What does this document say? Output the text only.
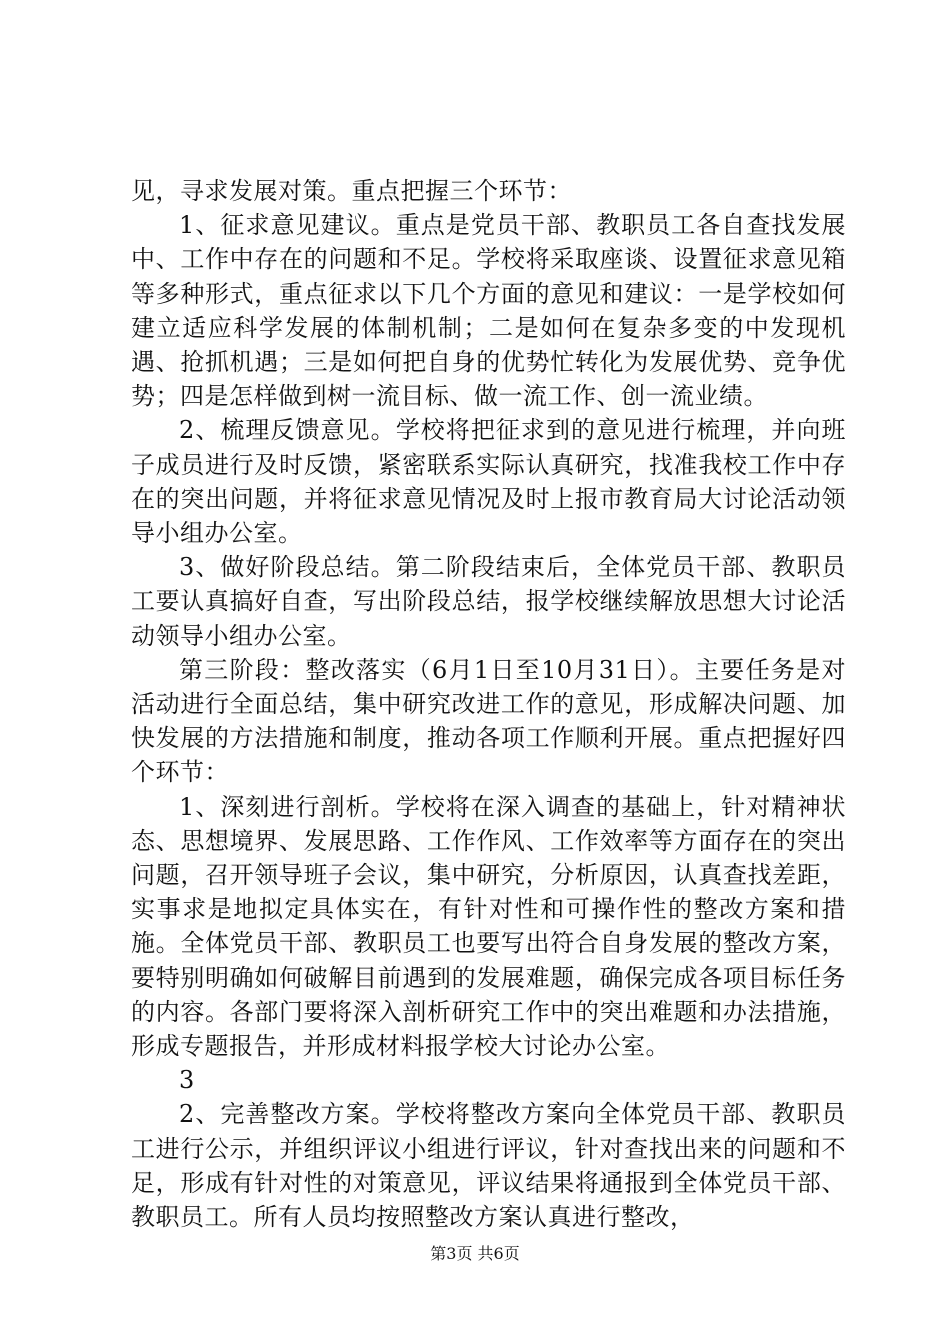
见，寻求发展对策。重点把握三个环节：

1、征求意见建议。重点是党员干部、教职员工各自查找发展中、工作中存在的问题和不足。学校将采取座谈、设置征求意见箱等多种形式，重点征求以下几个方面的意见和建议：一是学校如何建立适应科学发展的体制机制；二是如何在复杂多变的中发现机遇、抢抓机遇；三是如何把自身的优势忙转化为发展优势、竞争优势；四是怎样做到树一流目标、做一流工作、创一流业绩。

2、梳理反馈意见。学校将把征求到的意见进行梳理，并向班子成员进行及时反馈，紧密联系实际认真研究，找准我校工作中存在的突出问题，并将征求意见情况及时上报市教育局大讨论活动领导小组办公室。

3、做好阶段总结。第二阶段结束后，全体党员干部、教职员工要认真搞好自查，写出阶段总结，报学校继续解放思想大讨论活动领导小组办公室。

第三阶段：整改落实（6月1日至10月31日）。主要任务是对活动进行全面总结，集中研究改进工作的意见，形成解决问题、加快发展的方法措施和制度，推动各项工作顺利开展。重点把握好四个环节：

1、深刻进行剖析。学校将在深入调查的基础上，针对精神状态、思想境界、发展思路、工作作风、工作效率等方面存在的突出问题，召开领导班子会议，集中研究，分析原因，认真查找差距，实事求是地拟定具体实在，有针对性和可操作性的整改方案和措施。全体党员干部、教职员工也要写出符合自身发展的整改方案，要特别明确如何破解目前遇到的发展难题，确保完成各项目标任务的内容。各部门要将深入剖析研究工作中的突出难题和办法措施，形成专题报告，并形成材料报学校大讨论办公室。

3

2、完善整改方案。学校将整改方案向全体党员干部、教职员工进行公示，并组织评议小组进行评议，针对查找出来的问题和不足，形成有针对性的对策意见，评议结果将通报到全体党员干部、教职员工。所有人员均按照整改方案认真进行整改，

第3页 共6页
